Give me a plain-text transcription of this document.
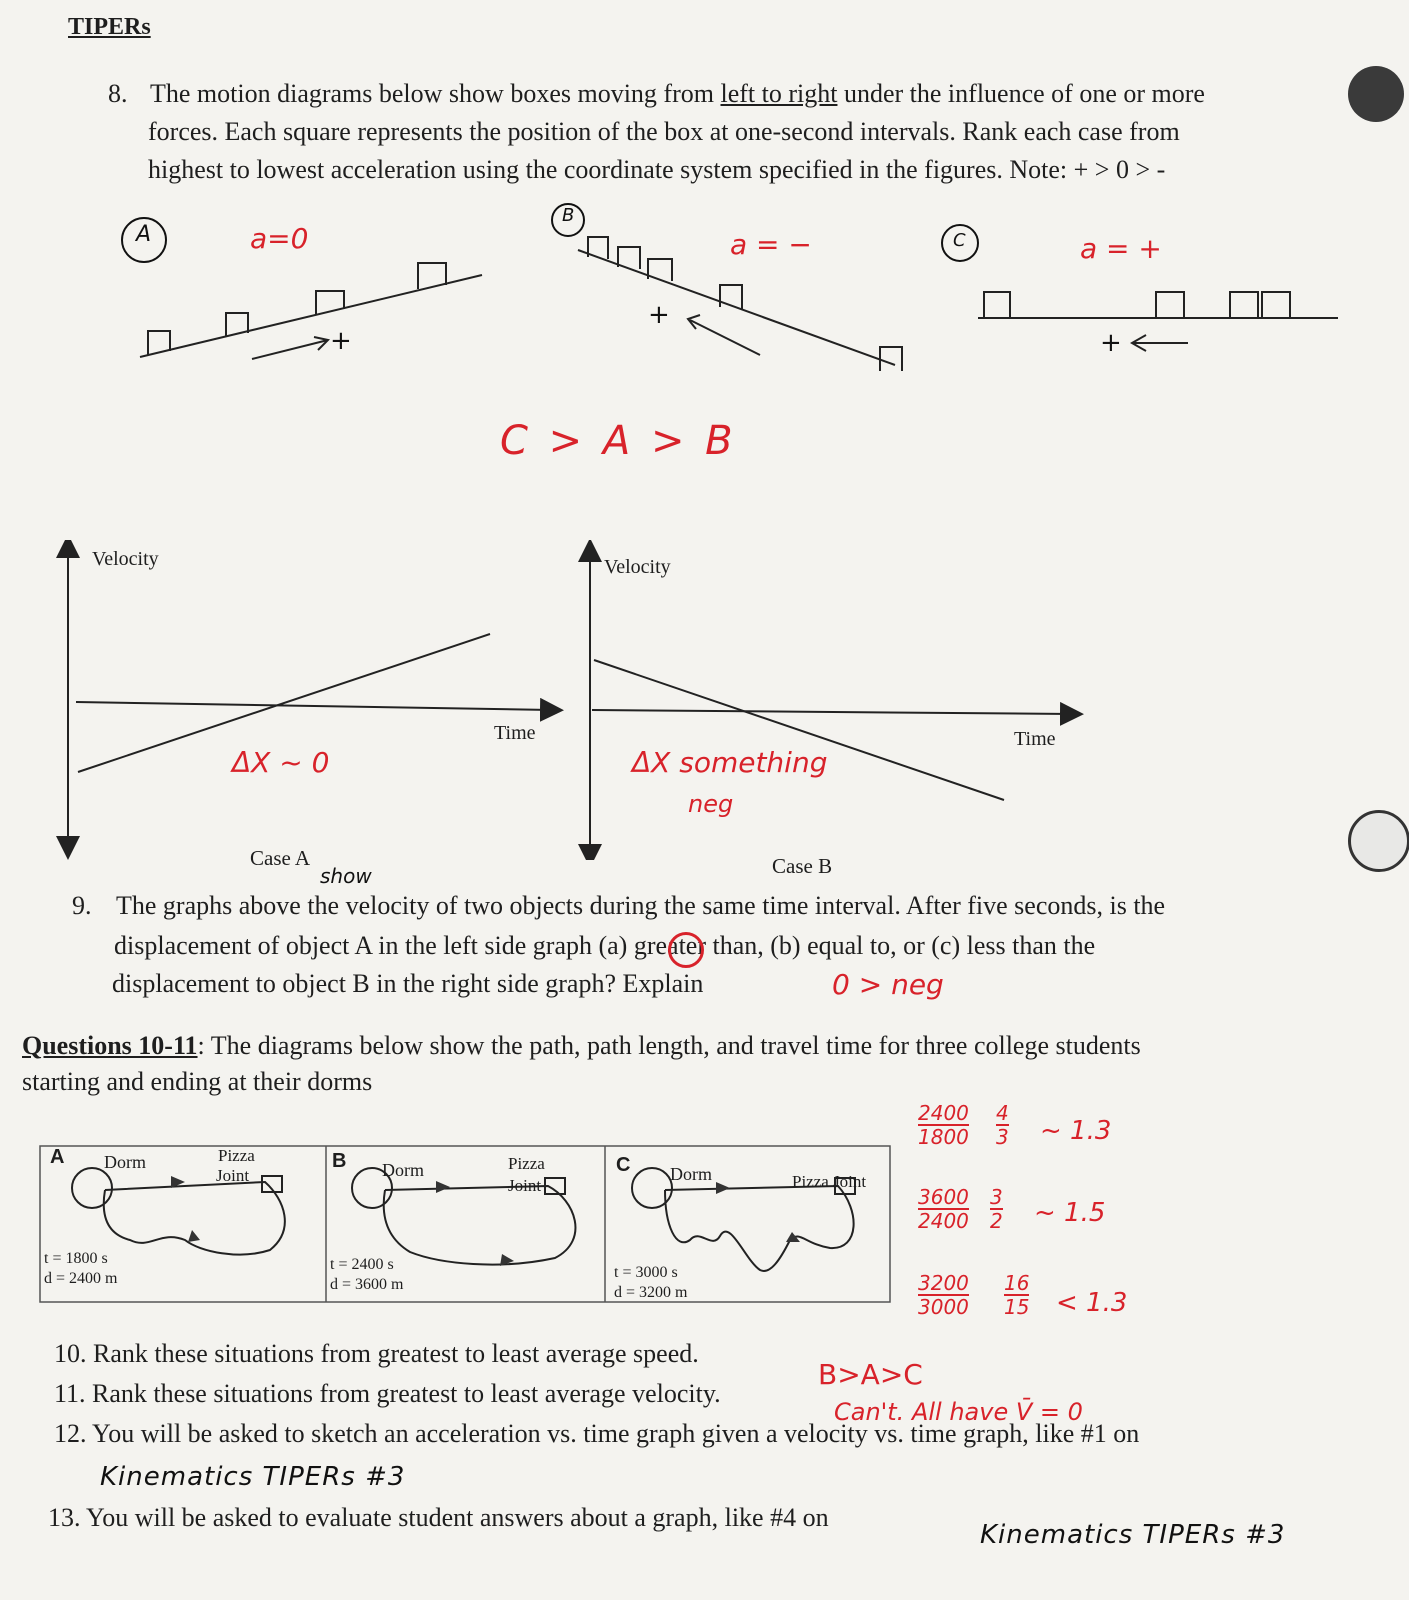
TIPERs
8. The motion diagrams below show boxes moving from left to right under the influence of one or more
forces. Each square represents the position of the box at one-second intervals. Rank each case from
highest to lowest acceleration using the coordinate system specified in the figures. Note: + > 0 > -
A
B
C
a=0	a = −	a = +
+
+
+
C > A > B
Velocity
Time
Velocity
Time
ΔX ~ 0	ΔX something
neg
Case A	Case B
show
9. The graphs above the velocity of two objects during the same time interval. After five seconds, is the
displacement of object A in the left side graph (a) greater than, (b) equal to, or (c) less than the
displacement to object B in the right side graph? Explain	0 > neg
Questions 10-11: The diagrams below show the path, path length, and travel time for three college students
starting and ending at their dorms
A Dorm	Pizza
Joint
t = 1800 s
d = 2400 m
B Dorm	Pizza
Joint
t = 2400 s
d = 3600 m
C Dorm	Pizza Joint
t = 3000 s
d = 3200 m
$\frac{2400}{1800} \frac{4}{3}$ ~ 1.3
$\frac{3600}{2400} \frac{3}{2}$ ~ 1.5
$\frac{3200}{3000} \frac{16}{15} < 1.3$
10. Rank these situations from greatest to least average speed.
B>A>C
11. Rank these situations from greatest to least average velocity.
Can't. All have V̄ = 0
12. You will be asked to sketch an acceleration vs. time graph given a velocity vs. time graph, like #1 on
Kinematics TIPERs #3
13. You will be asked to evaluate student answers about a graph, like #4 on
Kinematics TIPERs #3
